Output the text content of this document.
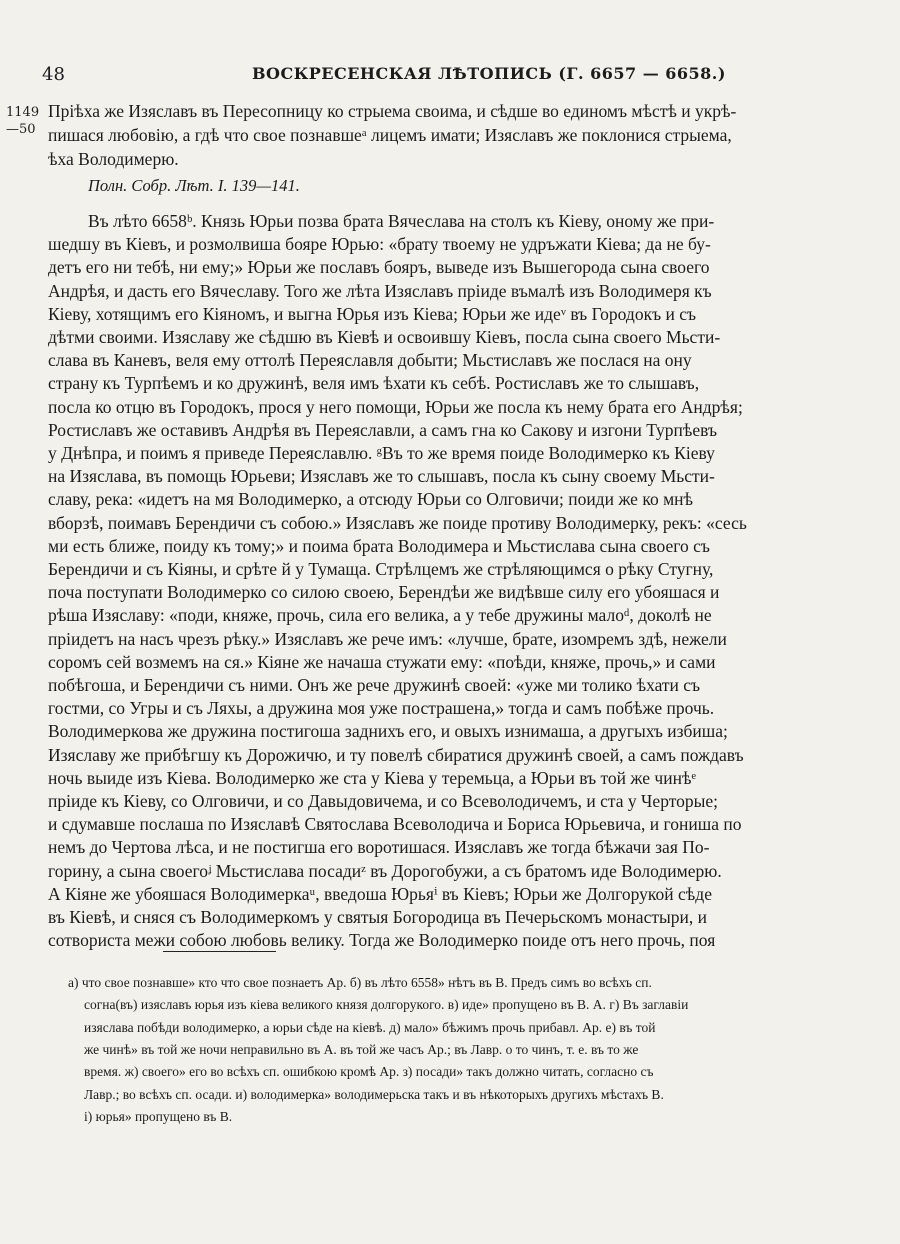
48	ВОСКРЕСЕНСКАЯ ЛѢТОПИСЬ (Г. 6657 — 6658.)
1149
—50
Пріѣха же Изяславъ въ Пересопницу ко стрыема своима, и сѣдше во единомъ мѣстѣ и укрѣ-
пишася любовію, а гдѣ что свое познавшеᵃ лицемъ имати; Изяславъ же поклонися стрыема,
ѣха Володимерю.
Полн. Собр. Лѣт. I. 139—141.
Въ лѣто 6658ᵇ. Князь Юрьи позва брата Вячеслава на столъ къ Кіеву, оному же при-
шедшу въ Кіевъ, и розмолвиша бояре Юрью: «брату твоему не удръжати Кіева; да не бу-
детъ его ни тебѣ, ни ему;» Юрьи же пославъ бояръ, выведе изъ Вышегорода сына своего
Андрѣя, и дасть его Вячеславу. Того же лѣта Изяславъ пріиде въмалѣ изъ Володимеря къ
Кіеву, хотящимъ его Кіяномъ, и выгна Юрья изъ Кіева; Юрьи же идеᵛ въ Городокъ и съ
дѣтми своими. Изяславу же сѣдшю въ Кіевѣ и освоившу Кіевъ, посла сына своего Мьсти-
слава въ Каневъ, веля ему оттолѣ Переяславля добыти; Мьстиславъ же послася на ону
страну къ Турпѣемъ и ко дружинѣ, веля имъ ѣхати къ себѣ. Ростиславъ же то слышавъ,
посла ко отцю въ Городокъ, прося у него помощи, Юрьи же посла къ нему брата его Андрѣя;
Ростиславъ же оставивъ Андрѣя въ Переяславли, а самъ гна ко Сакову и изгони Турпѣевъ
у Днѣпра, и поимъ я приведе Переяславлю. ᵍВъ то же время поиде Володимерко къ Кіеву
на Изяслава, въ помощь Юрьеви; Изяславъ же то слышавъ, посла къ сыну своему Мьсти-
славу, река: «идетъ на мя Володимерко, а отсюду Юрьи со Олговичи; поиди же ко мнѣ
вборзѣ, поимавъ Берендичи съ собою.» Изяславъ же поиде противу Володимерку, рекъ: «сесь
ми есть ближе, поиду къ тому;» и поима брата Володимера и Мьстислава сына своего съ
Берендичи и съ Кіяны, и срѣте й у Тумаща. Стрѣлцемъ же стрѣляющимся о рѣку Стугну,
поча поступати Володимерко со силою своею, Берендѣи же видѣвше силу его убояшася и
рѣша Изяславу: «поди, княже, прочь, сила его велика, а у тебе дружины малоᵈ, доколѣ не
пріидетъ на насъ чрезъ рѣку.» Изяславъ же рече имъ: «лучше, брате, изомремъ здѣ, нежели
соромъ сей возмемъ на ся.» Кіяне же начаша стужати ему: «поѣди, княже, прочь,» и сами
побѣгоша, и Берендичи съ ними. Онъ же рече дружинѣ своей: «уже ми толико ѣхати съ
гостми, со Угры и съ Ляхы, а дружина моя уже пострашена,» тогда и самъ побѣже прочь.
Володимеркова же дружина постигоша заднихъ его, и овыхъ изнимаша, а другыхъ избиша;
Изяславу же прибѣгшу къ Дорожичю, и ту повелѣ сбиратися дружинѣ своей, а самъ пождавъ
ночь выиде изъ Кіева. Володимерко же ста у Кіева у теремьца, а Юрьи въ той же чинѣᵉ
пріиде къ Кіеву, со Олговичи, и со Давыдовичема, и со Всеволодичемъ, и ста у Черторые;
и сдумавше послаша по Изяславѣ Святослава Всеволодича и Бориса Юрьевича, и гониша по
немъ до Чертова лѣса, и не постигша его воротишася. Изяславъ же тогда бѣжачи зая По-
горину, а сына своегоᶨ Мьстислава посадиᶻ въ Дорогобужи, а съ братомъ иде Володимерю.
А Кіяне же убояшася Володимеркаᵘ, введоша Юрьяⁱ въ Кіевъ; Юрьи же Долгорукой сѣде
въ Кіевѣ, и сняся съ Володимеркомъ у святыя Богородица въ Печерьскомъ монастыри, и
сотвориста межи собою любовь велику. Тогда же Володимерко поиде отъ него прочь, поя
а) что свое познавше» кто что свое познаетъ Ар. б) въ лѣто 6558» нѣтъ въ В. Предъ симъ во всѣхъ сп.
согна(въ) изяславъ юрья изъ кіева великого князя долгорукого. в) иде» пропущено въ В. А. г) Въ заглавіи
изяслава побѣди володимерко, а юрьи сѣде на кіевѣ. д) мало» бѣжимъ прочь прибавл. Ар. е) въ той
же чинѣ» въ той же ночи неправильно въ А. въ той же часъ Ар.; въ Лавр. о то чинъ, т. е. въ то же
время. ж) своего» его во всѣхъ сп. ошибкою кромѣ Ар. з) посади» такъ должно читать, согласно съ
Лавр.; во всѣхъ сп. осади. и) володимерка» володимерьска такъ и въ нѣкоторыхъ другихъ мѣстахъ В.
і) юрья» пропущено въ В.
